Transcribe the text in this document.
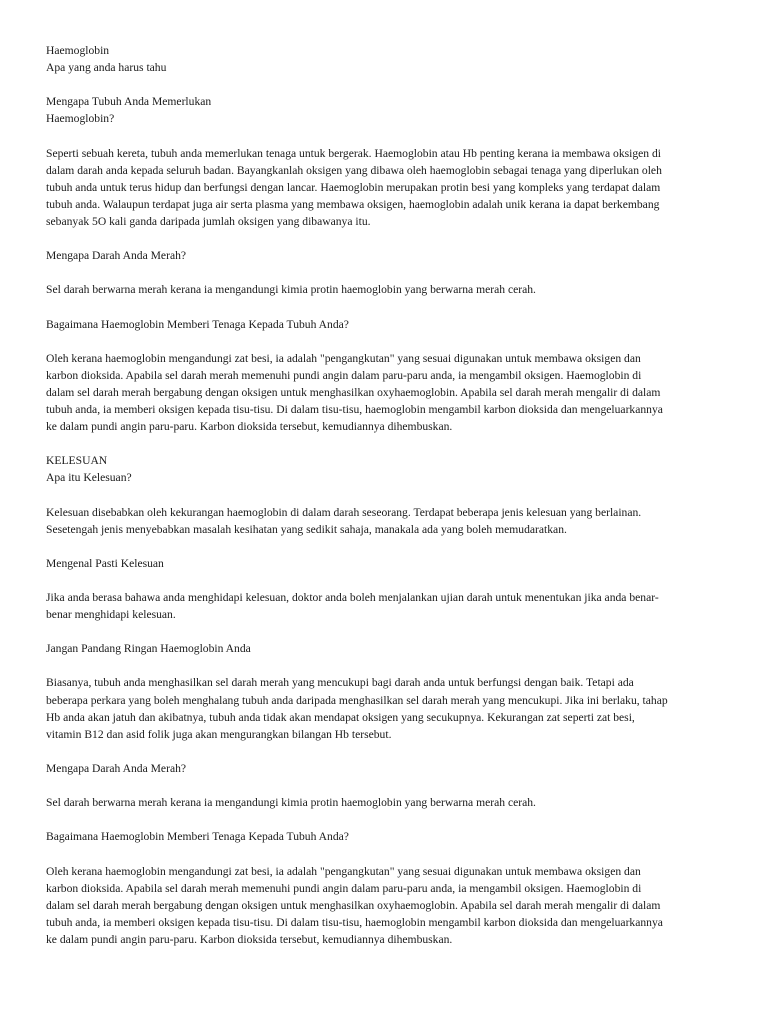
Haemoglobin
Apa yang anda harus tahu
Mengapa Tubuh Anda Memerlukan
Haemoglobin?
Seperti sebuah kereta, tubuh anda memerlukan tenaga untuk bergerak. Haemoglobin atau Hb penting kerana ia membawa oksigen di
dalam darah anda kepada seluruh badan. Bayangkanlah oksigen yang dibawa oleh haemoglobin sebagai tenaga yang diperlukan oleh
tubuh anda untuk terus hidup dan berfungsi dengan lancar. Haemoglobin merupakan protin besi yang kompleks yang terdapat dalam
tubuh anda. Walaupun terdapat juga air serta plasma yang membawa oksigen, haemoglobin adalah unik kerana ia dapat berkembang
sebanyak 5O kali ganda daripada jumlah oksigen yang dibawanya itu.
Mengapa Darah Anda Merah?
Sel darah berwarna merah kerana ia mengandungi kimia protin haemoglobin yang berwarna merah cerah.
Bagaimana Haemoglobin Memberi Tenaga Kepada Tubuh Anda?
Oleh kerana haemoglobin mengandungi zat besi, ia adalah "pengangkutan" yang sesuai digunakan untuk membawa oksigen dan
karbon dioksida. Apabila sel darah merah memenuhi pundi angin dalam paru-paru anda, ia mengambil oksigen. Haemoglobin di
dalam sel darah merah bergabung dengan oksigen untuk menghasilkan oxyhaemoglobin. Apabila sel darah merah mengalir di dalam
tubuh anda, ia memberi oksigen kepada tisu-tisu. Di dalam tisu-tisu, haemoglobin mengambil karbon dioksida dan mengeluarkannya
ke dalam pundi angin paru-paru. Karbon dioksida tersebut, kemudiannya dihembuskan.
KELESUAN
Apa itu Kelesuan?
Kelesuan disebabkan oleh kekurangan haemoglobin di dalam darah seseorang. Terdapat beberapa jenis kelesuan yang berlainan.
Sesetengah jenis menyebabkan masalah kesihatan yang sedikit sahaja, manakala ada yang boleh memudaratkan.
Mengenal Pasti Kelesuan
Jika anda berasa bahawa anda menghidapi kelesuan, doktor anda boleh menjalankan ujian darah untuk menentukan jika anda benar-
benar menghidapi kelesuan.
Jangan Pandang Ringan Haemoglobin Anda
Biasanya, tubuh anda menghasilkan sel darah merah yang mencukupi bagi darah anda untuk berfungsi dengan baik. Tetapi ada
beberapa perkara yang boleh menghalang tubuh anda daripada menghasilkan sel darah merah yang mencukupi. Jika ini berlaku, tahap
Hb anda akan jatuh dan akibatnya, tubuh anda tidak akan mendapat oksigen yang secukupnya. Kekurangan zat seperti zat besi,
vitamin B12 dan asid folik juga akan mengurangkan bilangan Hb tersebut.
Mengapa Darah Anda Merah?
Sel darah berwarna merah kerana ia mengandungi kimia protin haemoglobin yang berwarna merah cerah.
Bagaimana Haemoglobin Memberi Tenaga Kepada Tubuh Anda?
Oleh kerana haemoglobin mengandungi zat besi, ia adalah "pengangkutan" yang sesuai digunakan untuk membawa oksigen dan
karbon dioksida. Apabila sel darah merah memenuhi pundi angin dalam paru-paru anda, ia mengambil oksigen. Haemoglobin di
dalam sel darah merah bergabung dengan oksigen untuk menghasilkan oxyhaemoglobin. Apabila sel darah merah mengalir di dalam
tubuh anda, ia memberi oksigen kepada tisu-tisu. Di dalam tisu-tisu, haemoglobin mengambil karbon dioksida dan mengeluarkannya
ke dalam pundi angin paru-paru. Karbon dioksida tersebut, kemudiannya dihembuskan.
